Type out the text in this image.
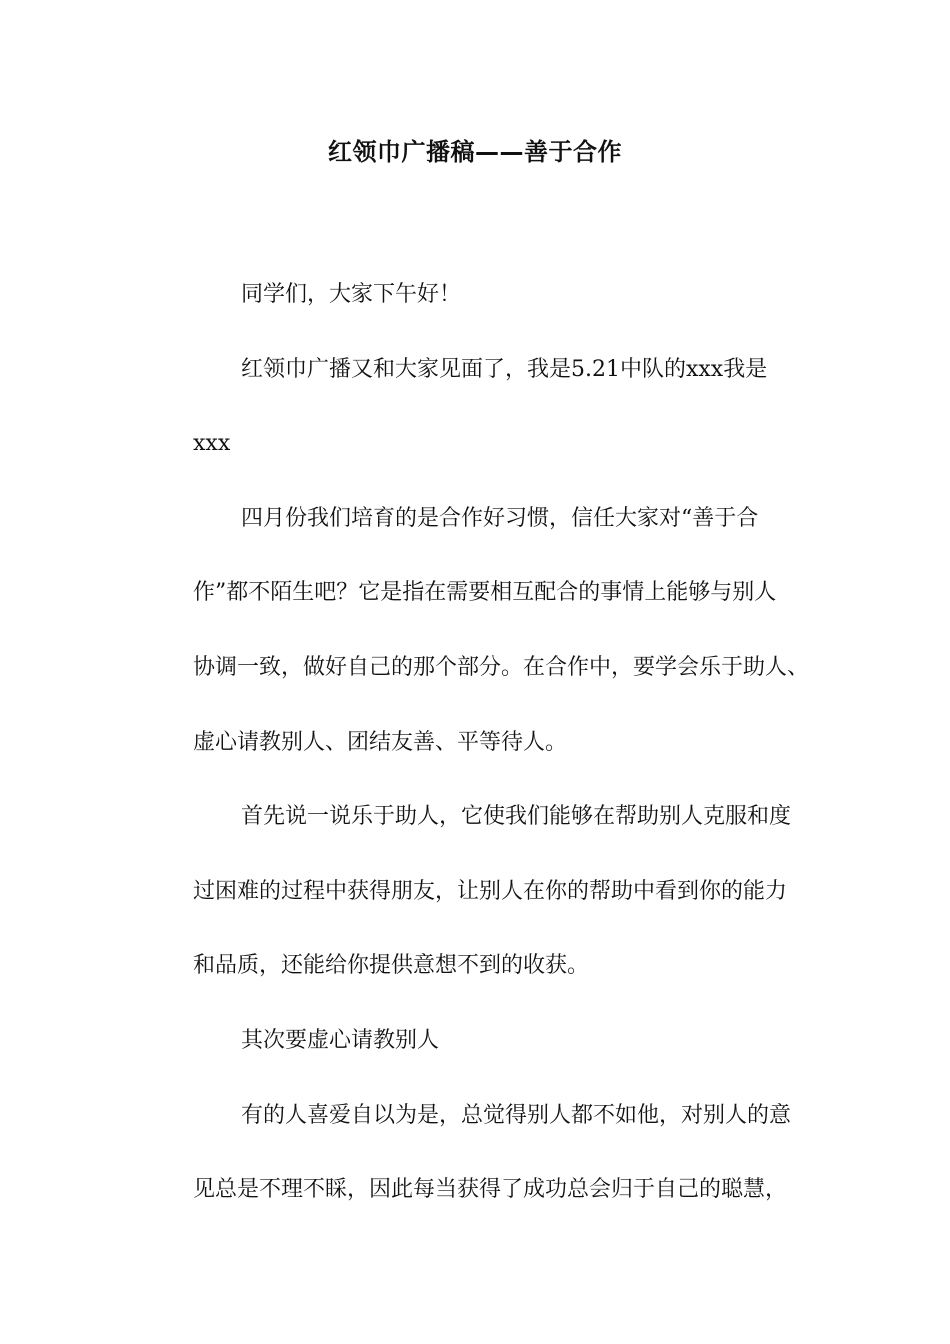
红领巾广播稿——善于合作
同学们，大家下午好！
红领巾广播又和大家见面了，我是5.21中队的xxx我是
xxx
四月份我们培育的是合作好习惯，信任大家对“善于合
作”都不陌生吧？它是指在需要相互配合的事情上能够与别人
协调一致，做好自己的那个部分。在合作中，要学会乐于助人、
虚心请教别人、团结友善、平等待人。
首先说一说乐于助人，它使我们能够在帮助别人克服和度
过困难的过程中获得朋友，让别人在你的帮助中看到你的能力
和品质，还能给你提供意想不到的收获。
其次要虚心请教别人
有的人喜爱自以为是，总觉得别人都不如他，对别人的意
见总是不理不睬，因此每当获得了成功总会归于自己的聪慧，
